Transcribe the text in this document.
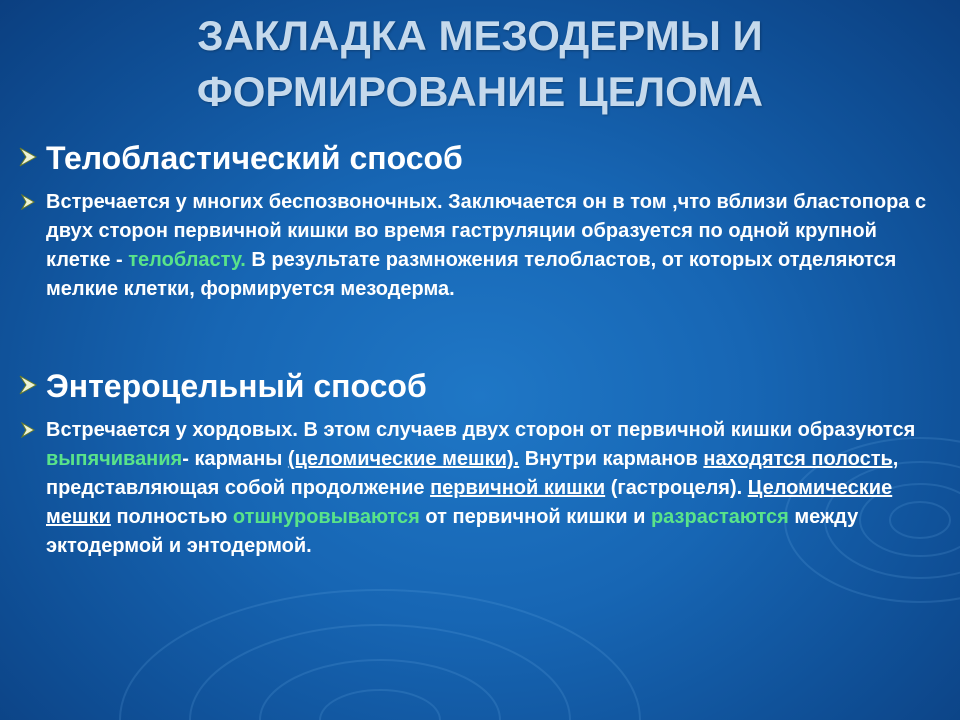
ЗАКЛАДКА МЕЗОДЕРМЫ И
ФОРМИРОВАНИЕ ЦЕЛОМА
Телобластический способ
Встречается у многих беспозвоночных. Заключается он в том ,что вблизи бластопора с двух сторон первичной кишки во время гаструляции образуется по одной крупной клетке - телобласту. В результате размножения телобластов, от которых отделяются мелкие клетки, формируется мезодерма.
Энтероцельный способ
Встречается у хордовых. В этом случаев двух сторон от первичной кишки образуются выпячивания- карманы (целомические мешки). Внутри карманов находятся полость, представляющая собой продолжение первичной кишки (гастроцеля). Целомические мешки полностью отшнуровываются от первичной кишки и разрастаются между эктодермой и энтодермой.
